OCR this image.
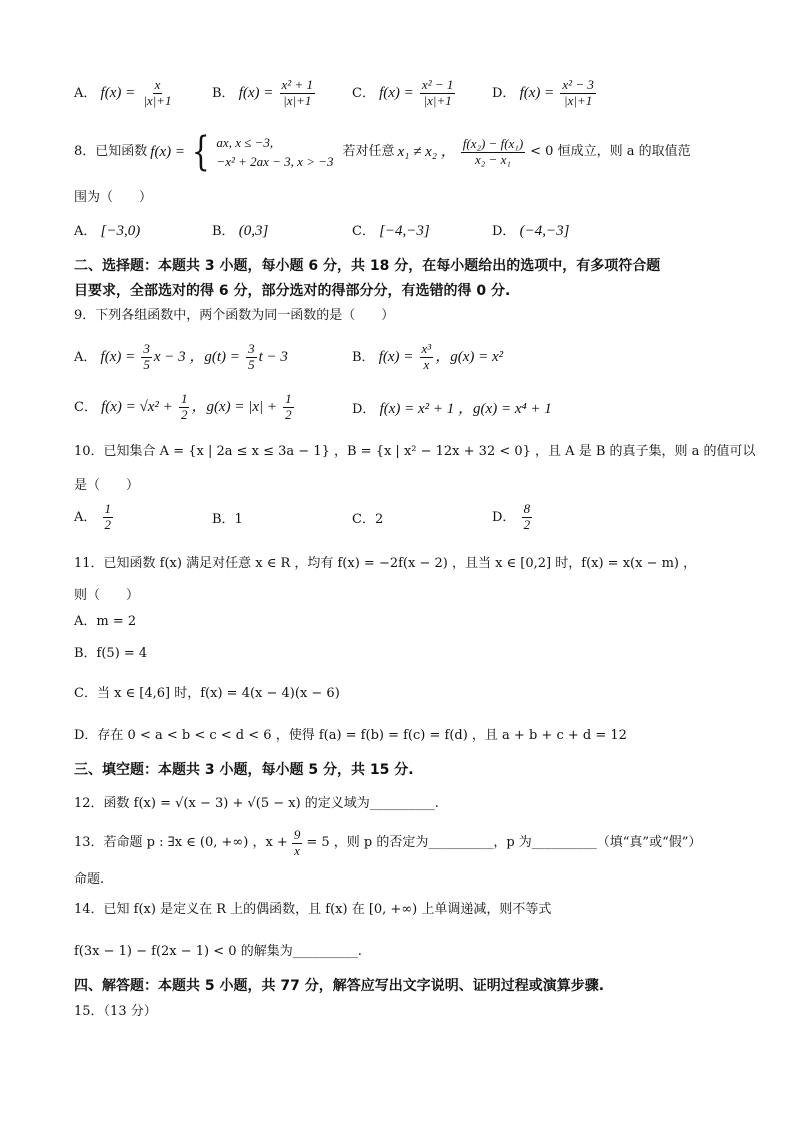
A． $f(x) = \frac{x}{|x|+1}$	B． $f(x) = \frac{\text{x² + 1}}{|x|+1}$	C． $f(x) = \frac{\text{x² − 1}}{|x|+1}$	D． $f(x) = \frac{\text{x² − 3}}{|x|+1}$
8．已知函数 f(x) = { ax, x ≤ −3,
−x² + 2ax − 3, x > −3
若对任意 x₁ ≠ x₂ ， $\frac{\text{f(x₂) − f(x₁)}}{\text{x₂ − x₁}} < 0$ 恒成立，则 a 的取值范
围为（　　）
A． [−3,0)	B． (0,3]	C． [−4,−3]	D． (−4,−3]
二、选择题：本题共 3 小题，每小题 6 分，共 18 分，在每小题给出的选项中，有多项符合题
目要求，全部选对的得 6 分，部分选对的得部分分，有选错的得 0 分.
9．下列各组函数中，两个函数为同一函数的是（　　）
A． $f(x) = \frac{3}{5}$ x − 3 ，$g(t) = \frac{3}{5}$ t − 3	B． $f(x) = \frac{\text{x³}}{x}$ ，g(x) = x²
C． $f(x) = √x^2 + \frac{1}{2}$ ，$g(x) = |x| + \frac{1}{2}$	D． f(x) = x² + 1 ，g(x) = x⁴ + 1
10．已知集合 A = {x | 2a ≤ x ≤ 3a − 1} ，B = {x | x² − 12x + 32 < 0} ，且 A 是 B 的真子集，则 a 的值可以
是（　　）
A． $\frac{1}{2}$	B．1	C．2	D． $\frac{8}{2}$
11．已知函数 f(x) 满足对任意 x ∈ R ，均有 f(x) = −2f(x − 2) ，且当 x ∈ [0,2] 时，f(x) = x(x − m) ，
则（　　）
A．m = 2
B．f(5) = 4
C．当 x ∈ [4,6] 时，f(x) = 4(x − 4)(x − 6)
D．存在 0 < a < b < c < d < 6 ，使得 f(a) = f(b) = f(c) = f(d) ，且 a + b + c + d = 12
三、填空题：本题共 3 小题，每小题 5 分，共 15 分.
12．函数 f(x) = √(x − 3) + √(5 − x) 的定义域为__________.
13．若命题 p : ∃x ∈ (0, +∞) ，$x + \frac{9}{x} = 5$ ，则 p 的否定为__________，p 为__________（填“真”或“假”）
命题.
14．已知 f(x) 是定义在 R 上的偶函数，且 f(x) 在 [0, +∞) 上单调递减，则不等式
f(3x − 1) − f(2x − 1) < 0 的解集为__________.
四、解答题：本题共 5 小题，共 77 分，解答应写出文字说明、证明过程或演算步骤.
15．（13 分）
